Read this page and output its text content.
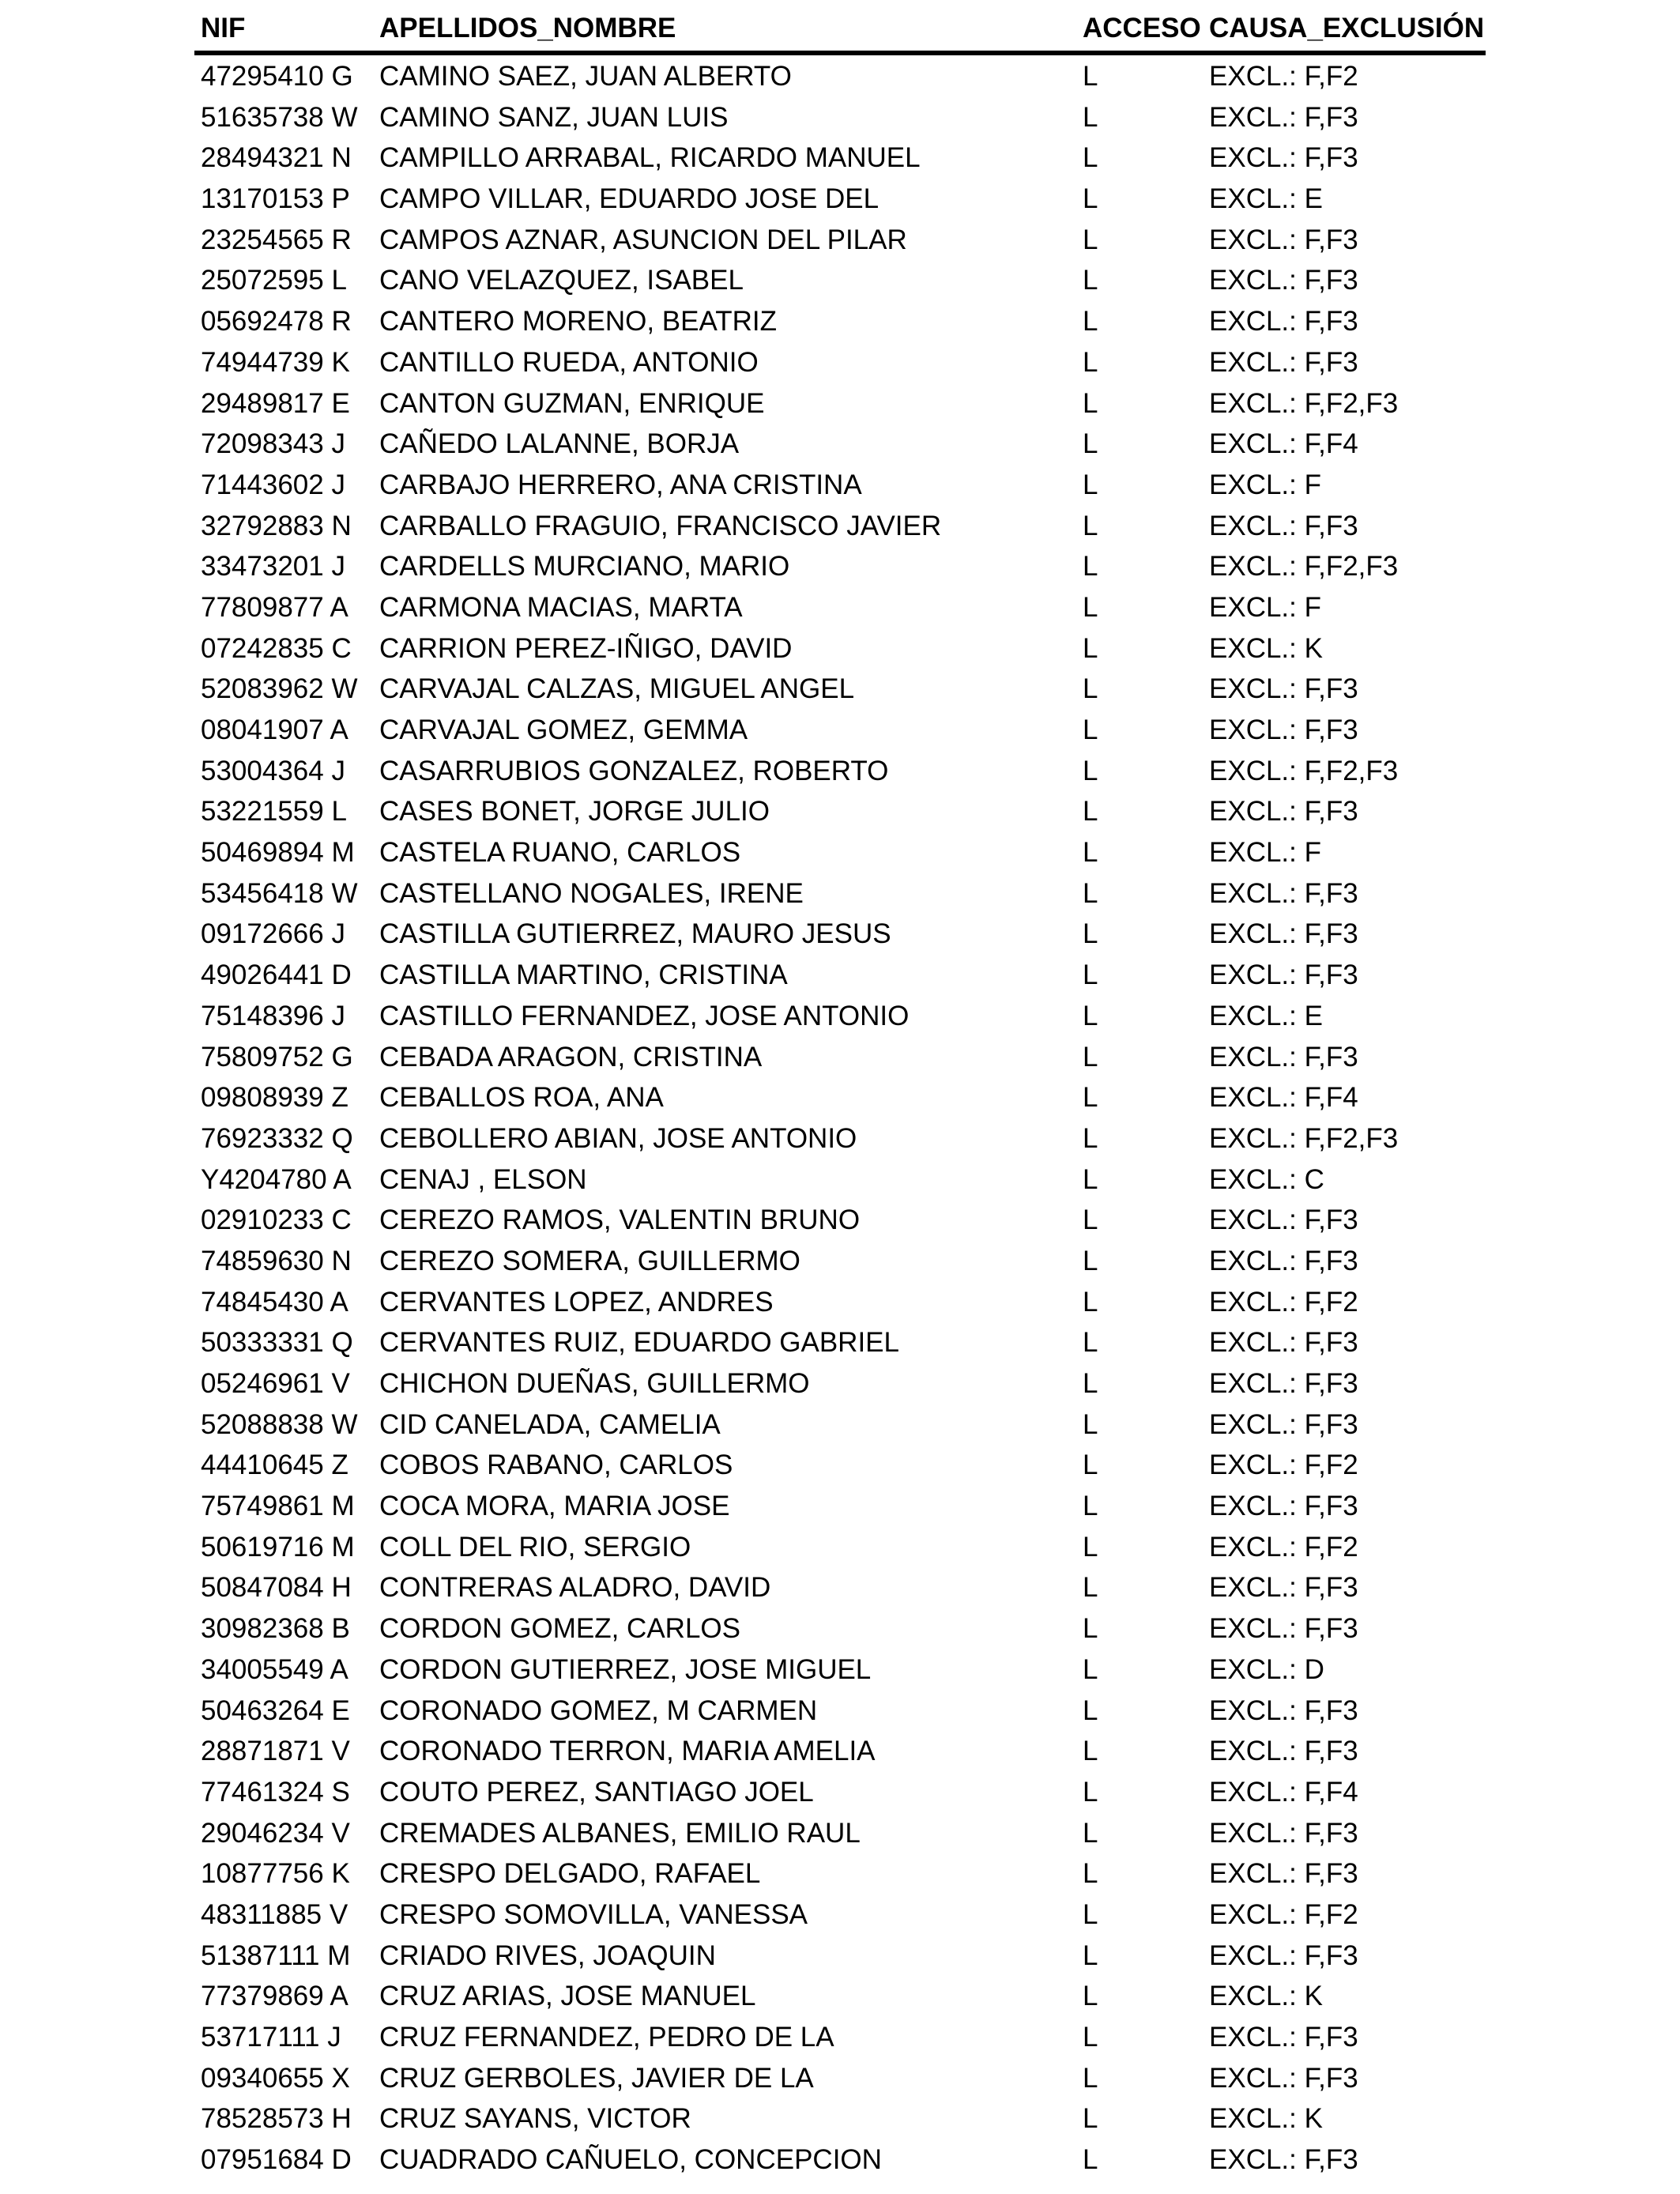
NIF	APELLIDOS_NOMBRE	ACCESO CAUSA_EXCLUSIÓN
47295410 G CAMINO SAEZ, JUAN ALBERTO	L	EXCL.: F,F2
51635738 W CAMINO SANZ, JUAN LUIS	L	EXCL.: F,F3
28494321 N CAMPILLO ARRABAL, RICARDO MANUEL	L	EXCL.: F,F3
13170153 P CAMPO VILLAR, EDUARDO JOSE DEL	L	EXCL.: E
23254565 R CAMPOS AZNAR, ASUNCION DEL PILAR	L	EXCL.: F,F3
25072595 L CANO VELAZQUEZ, ISABEL	L	EXCL.: F,F3
05692478 R CANTERO MORENO, BEATRIZ	L	EXCL.: F,F3
74944739 K CANTILLO RUEDA, ANTONIO	L	EXCL.: F,F3
29489817 E CANTON GUZMAN, ENRIQUE	L	EXCL.: F,F2,F3
72098343 J CAÑEDO LALANNE, BORJA	L	EXCL.: F,F4
71443602 J CARBAJO HERRERO, ANA CRISTINA	L	EXCL.: F
32792883 N CARBALLO FRAGUIO, FRANCISCO JAVIER	L	EXCL.: F,F3
33473201 J CARDELLS MURCIANO, MARIO	L	EXCL.: F,F2,F3
77809877 A CARMONA MACIAS, MARTA	L	EXCL.: F
07242835 C CARRION PEREZ-IÑIGO, DAVID	L	EXCL.: K
52083962 W CARVAJAL CALZAS, MIGUEL ANGEL	L	EXCL.: F,F3
08041907 A CARVAJAL GOMEZ, GEMMA	L	EXCL.: F,F3
53004364 J CASARRUBIOS GONZALEZ, ROBERTO	L	EXCL.: F,F2,F3
53221559 L CASES BONET, JORGE JULIO	L	EXCL.: F,F3
50469894 M CASTELA RUANO, CARLOS	L	EXCL.: F
53456418 W CASTELLANO NOGALES, IRENE	L	EXCL.: F,F3
09172666 J CASTILLA GUTIERREZ, MAURO JESUS	L	EXCL.: F,F3
49026441 D CASTILLA MARTINO, CRISTINA	L	EXCL.: F,F3
75148396 J CASTILLO FERNANDEZ, JOSE ANTONIO	L	EXCL.: E
75809752 G CEBADA ARAGON, CRISTINA	L	EXCL.: F,F3
09808939 Z CEBALLOS ROA, ANA	L	EXCL.: F,F4
76923332 Q CEBOLLERO ABIAN, JOSE ANTONIO	L	EXCL.: F,F2,F3
Y4204780 A CENAJ , ELSON	L	EXCL.: C
02910233 C CEREZO RAMOS, VALENTIN BRUNO	L	EXCL.: F,F3
74859630 N CEREZO SOMERA, GUILLERMO	L	EXCL.: F,F3
74845430 A CERVANTES LOPEZ, ANDRES	L	EXCL.: F,F2
50333331 Q CERVANTES RUIZ, EDUARDO GABRIEL	L	EXCL.: F,F3
05246961 V CHICHON DUEÑAS, GUILLERMO	L	EXCL.: F,F3
52088838 W CID CANELADA, CAMELIA	L	EXCL.: F,F3
44410645 Z COBOS RABANO, CARLOS	L	EXCL.: F,F2
75749861 M COCA MORA, MARIA JOSE	L	EXCL.: F,F3
50619716 M COLL DEL RIO, SERGIO	L	EXCL.: F,F2
50847084 H CONTRERAS ALADRO, DAVID	L	EXCL.: F,F3
30982368 B CORDON GOMEZ, CARLOS	L	EXCL.: F,F3
34005549 A CORDON GUTIERREZ, JOSE MIGUEL	L	EXCL.: D
50463264 E CORONADO GOMEZ, M CARMEN	L	EXCL.: F,F3
28871871 V CORONADO TERRON, MARIA AMELIA	L	EXCL.: F,F3
77461324 S COUTO PEREZ, SANTIAGO JOEL	L	EXCL.: F,F4
29046234 V CREMADES ALBANES, EMILIO RAUL	L	EXCL.: F,F3
10877756 K CRESPO DELGADO, RAFAEL	L	EXCL.: F,F3
48311885 V CRESPO SOMOVILLA, VANESSA	L	EXCL.: F,F2
51387111 M CRIADO RIVES, JOAQUIN	L	EXCL.: F,F3
77379869 A CRUZ ARIAS, JOSE MANUEL	L	EXCL.: K
53717111 J CRUZ FERNANDEZ, PEDRO DE LA	L	EXCL.: F,F3
09340655 X CRUZ GERBOLES, JAVIER DE LA	L	EXCL.: F,F3
78528573 H CRUZ SAYANS, VICTOR	L	EXCL.: K
07951684 D CUADRADO CAÑUELO, CONCEPCION	L	EXCL.: F,F3
